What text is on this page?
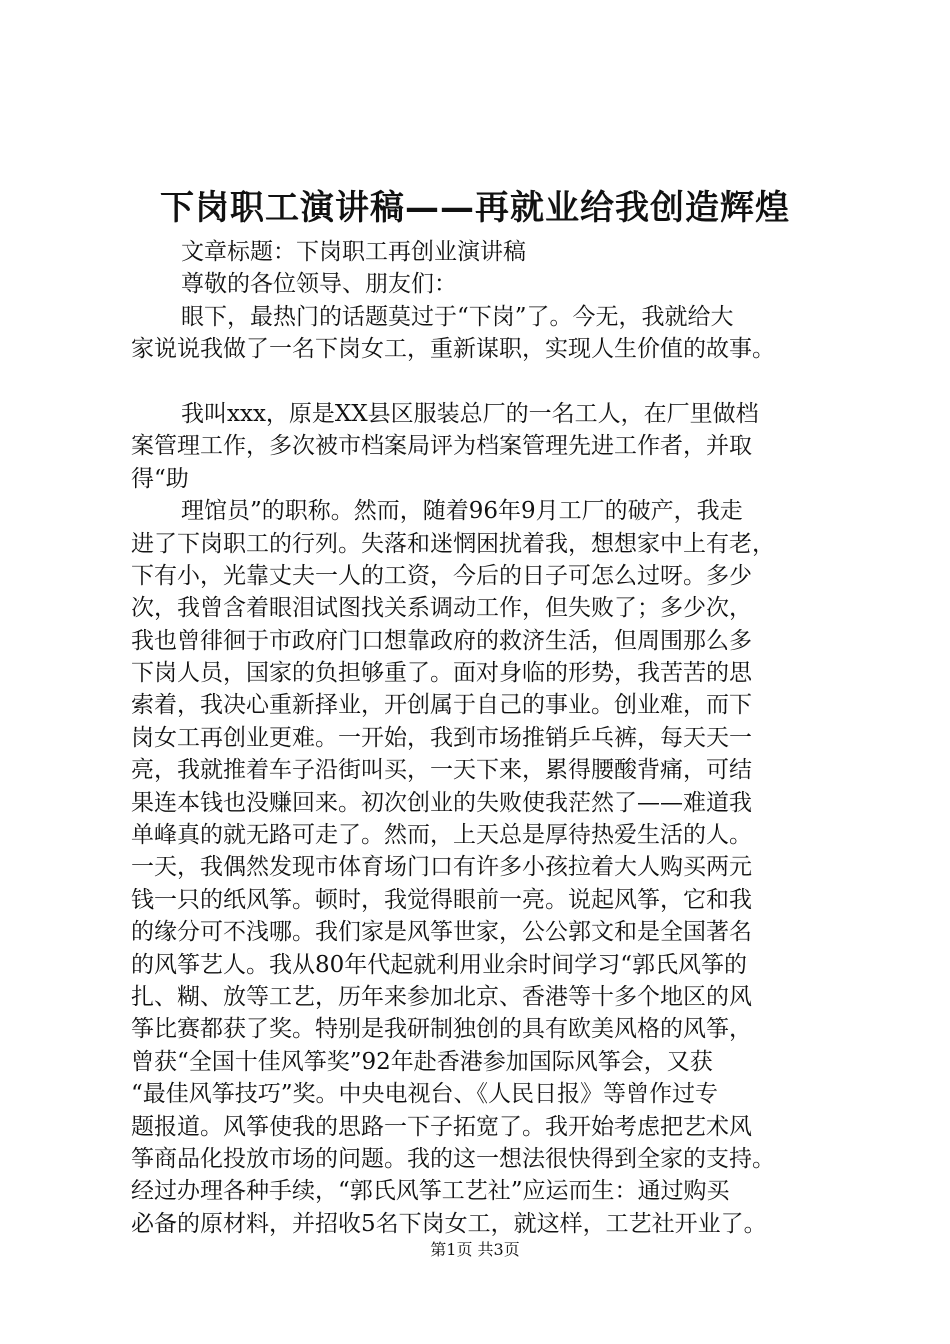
下岗职工演讲稿——再就业给我创造辉煌
文章标题：下岗职工再创业演讲稿
尊敬的各位领导、朋友们：
眼下，最热门的话题莫过于“下岗”了。今无，我就给大
家说说我做了一名下岗女工，重新谋职，实现人生价值的故事。
我叫xxx，原是XX县区服装总厂的一名工人，在厂里做档
案管理工作，多次被市档案局评为档案管理先进工作者，并取
得“助
理馆员”的职称。然而，随着96年9月工厂的破产，我走
进了下岗职工的行列。失落和迷惘困扰着我，想想家中上有老，
下有小，光靠丈夫一人的工资，今后的日子可怎么过呀。多少
次，我曾含着眼泪试图找关系调动工作，但失败了；多少次，
我也曾徘徊于市政府门口想靠政府的救济生活，但周围那么多
下岗人员，国家的负担够重了。面对身临的形势，我苦苦的思
索着，我决心重新择业，开创属于自己的事业。创业难，而下
岗女工再创业更难。一开始，我到市场推销乒乓裤，每天天一
亮，我就推着车子沿街叫买，一天下来，累得腰酸背痛，可结
果连本钱也没赚回来。初次创业的失败使我茫然了——难道我
单峰真的就无路可走了。然而，上天总是厚待热爱生活的人。
一天，我偶然发现市体育场门口有许多小孩拉着大人购买两元
钱一只的纸风筝。顿时，我觉得眼前一亮。说起风筝，它和我
的缘分可不浅哪。我们家是风筝世家，公公郭文和是全国著名
的风筝艺人。我从80年代起就利用业余时间学习“郭氏风筝的
扎、糊、放等工艺，历年来参加北京、香港等十多个地区的风
筝比赛都获了奖。特别是我研制独创的具有欧美风格的风筝，
曾获“全国十佳风筝奖”92年赴香港参加国际风筝会，又获
“最佳风筝技巧”奖。中央电视台、《人民日报》等曾作过专
题报道。风筝使我的思路一下子拓宽了。我开始考虑把艺术风
筝商品化投放市场的问题。我的这一想法很快得到全家的支持。
经过办理各种手续，“郭氏风筝工艺社”应运而生：通过购买
必备的原材料，并招收5名下岗女工，就这样，工艺社开业了。
第1页 共3页
